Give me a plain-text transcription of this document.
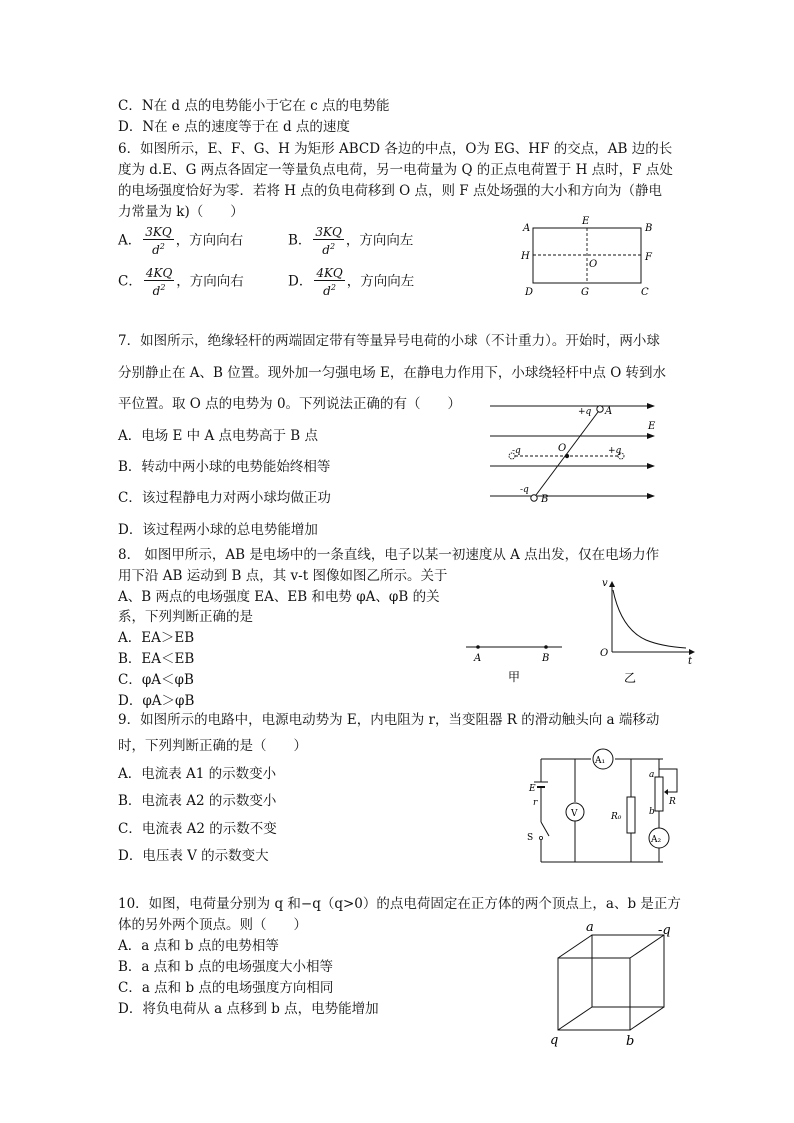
C．N在 d 点的电势能小于它在 c 点的电势能
D．N在 e 点的速度等于在 d 点的速度
6．如图所示，E、F、G、H 为矩形 ABCD 各边的中点，O为 EG、HF 的交点，AB 边的长
度为 d.E、G 两点各固定一等量负点电荷，另一电荷量为 Q 的正点电荷置于 H 点时，F 点处
的电场强度恰好为零．若将 H 点的负电荷移到 O 点，则 F 点处场强的大小和方向为（静电
力常量为 k)（　　）
A． $\frac{3KQ}{d^2}$ ，方向向右	B． $\frac{3KQ}{d^2}$ ，方向向左
C． $\frac{4KQ}{d^2}$ ，方向向右	D． $\frac{4KQ}{d^2}$ ，方向向左
A
E
B
H
O
F
D	G	C
7．如图所示，绝缘轻杆的两端固定带有等量异号电荷的小球（不计重力）。开始时，两小球
分别静止在 A、B 位置。现外加一匀强电场 E，在静电力作用下，小球绕轻杆中点 O 转到水
平位置。取 O 点的电势为 0。下列说法正确的有（　　）
A．电场 E 中 A 点电势高于 B 点
B．转动中两小球的电势能始终相等
C．该过程静电力对两小球均做正功
D．该过程两小球的总电势能增加
+q A
E
-q	O	+q
-q
B
8． 如图甲所示，AB 是电场中的一条直线，电子以某一初速度从 A 点出发，仅在电场力作
用下沿 AB 运动到 B 点，其 v-t 图像如图乙所示。关于
A、B 两点的电场强度 EA、EB 和电势 φA、φB 的关
系，下列判断正确的是
A．EA＞EB
B．EA＜EB
C．φA＜φB
D．φA＞φB
A	B
甲
v
O
t
乙
9．如图所示的电路中，电源电动势为 E，内电阻为 r，当变阻器 R 的滑动触头向 a 端移动
时，下列判断正确的是（　　）
A．电流表 A1 的示数变小
B．电流表 A2 的示数变小
C．电流表 A2 的示数不变
D．电压表 V 的示数变大
A₁
E
r
S
V	R₀
A₂
a
b
R
10．如图，电荷量分别为 q 和−q（q>0）的点电荷固定在正方体的两个顶点上，a、b 是正方
体的另外两个顶点。则（　　）
A．a 点和 b 点的电势相等
B．a 点和 b 点的电场强度大小相等
C．a 点和 b 点的电场强度方向相同
D．将负电荷从 a 点移到 b 点，电势能增加
a	-q
q	b
